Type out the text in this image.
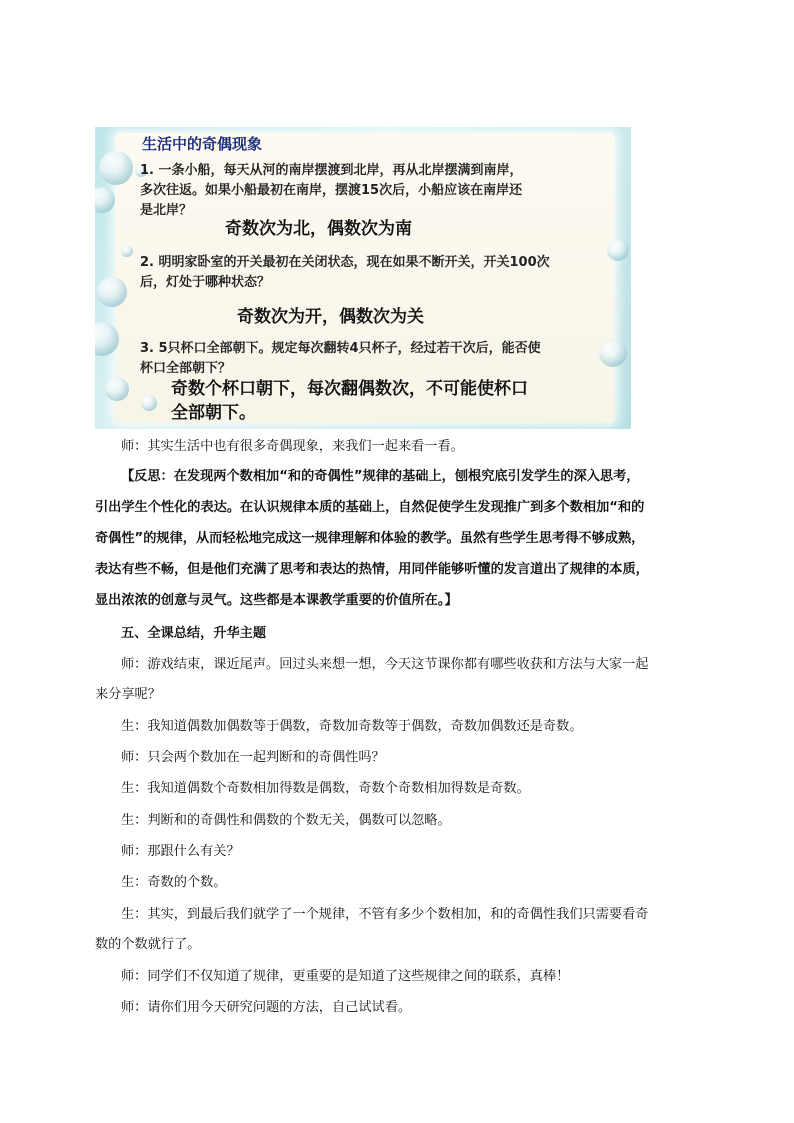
生活中的奇偶现象
1. 一条小船，每天从河的南岸摆渡到北岸，再从北岸摆满到南岸，
多次往返。如果小船最初在南岸，摆渡15次后，小船应该在南岸还
是北岸？
奇数次为北，偶数次为南
2. 明明家卧室的开关最初在关闭状态，现在如果不断开关，开关100次
后，灯处于哪种状态？
奇数次为开，偶数次为关
3. 5只杯口全部朝下。规定每次翻转4只杯子，经过若干次后，能否使
杯口全部朝下？
奇数个杯口朝下，每次翻偶数次，不可能使杯口
全部朝下。
师：其实生活中也有很多奇偶现象，来我们一起来看一看。
【反思：在发现两个数相加“和的奇偶性”规律的基础上，刨根究底引发学生的深入思考，
引出学生个性化的表达。在认识规律本质的基础上，自然促使学生发现推广到多个数相加“和的
奇偶性”的规律，从而轻松地完成这一规律理解和体验的教学。虽然有些学生思考得不够成熟，
表达有些不畅，但是他们充满了思考和表达的热情，用同伴能够听懂的发言道出了规律的本质，
显出浓浓的创意与灵气。这些都是本课教学重要的价值所在。】
五、全课总结，升华主题
师：游戏结束，课近尾声。回过头来想一想，今天这节课你都有哪些收获和方法与大家一起
来分享呢？
生：我知道偶数加偶数等于偶数，奇数加奇数等于偶数，奇数加偶数还是奇数。
师：只会两个数加在一起判断和的奇偶性吗？
生：我知道偶数个奇数相加得数是偶数，奇数个奇数相加得数是奇数。
生：判断和的奇偶性和偶数的个数无关，偶数可以忽略。
师：那跟什么有关？
生：奇数的个数。
生：其实，到最后我们就学了一个规律，不管有多少个数相加，和的奇偶性我们只需要看奇
数的个数就行了。
师：同学们不仅知道了规律，更重要的是知道了这些规律之间的联系，真棒！
师：请你们用今天研究问题的方法，自己试试看。
